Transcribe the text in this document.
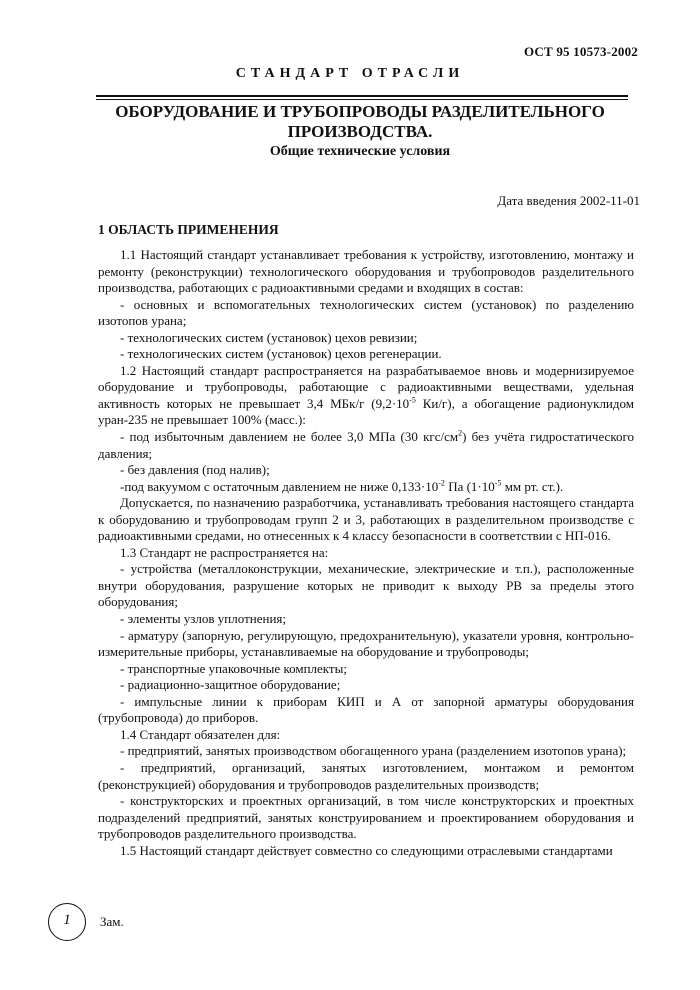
ОСТ 95 10573-2002
СТАНДАРТ ОТРАСЛИ
ОБОРУДОВАНИЕ И ТРУБОПРОВОДЫ РАЗДЕЛИТЕЛЬНОГО ПРОИЗВОДСТВА.
Общие технические условия
Дата введения 2002-11-01
1 ОБЛАСТЬ ПРИМЕНЕНИЯ

1.1 Настоящий стандарт устанавливает требования к устройству, изготовлению, монтажу и ремонту (реконструкции) технологического оборудования и трубопроводов разделительного производства, работающих с радиоактивными средами и входящих в состав:

- основных и вспомогательных технологических систем (установок) по разделению изотопов урана;

- технологических систем (установок) цехов ревизии;

- технологических систем (установок) цехов регенерации.

1.2 Настоящий стандарт распространяется на разрабатываемое вновь и модернизируемое оборудование и трубопроводы, работающие с радиоактивными веществами, удельная активность которых не превышает 3,4 МБк/г ($9,2\cdot 10^{-5}$ Ки/г), а обогащение радионуклидом уран-235 не превышает 100% (масс.):

- под избыточным давлением не более 3,0 МПа (30 кгс/$см^2$) без учёта гидростатического давления;

- без давления (под налив);

-под вакуумом с остаточным давлением не ниже $0,133\cdot 10^{-2}$ Па ($1\cdot 10^{-5}$ мм рт. ст.).

Допускается, по назначению разработчика, устанавливать требования настоящего стандарта к оборудованию и трубопроводам групп 2 и 3, работающих в разделительном производстве с радиоактивными средами, но отнесенных к 4 классу безопасности в соответствии с НП-016.

1.3 Стандарт не распространяется на:

- устройства (металлоконструкции, механические, электрические и т.п.), расположенные внутри оборудования, разрушение которых не приводит к выходу РВ за пределы этого оборудования;

- элементы узлов уплотнения;

- арматуру (запорную, регулирующую, предохранительную), указатели уровня, контрольно-измерительные приборы, устанавливаемые на оборудование и трубопроводы;

- транспортные упаковочные комплекты;

- радиационно-защитное оборудование;

- импульсные линии к приборам КИП и А от запорной арматуры оборудования (трубопровода) до приборов.

1.4 Стандарт обязателен для:

- предприятий, занятых производством обогащенного урана (разделением изотопов урана);

- предприятий, организаций, занятых изготовлением, монтажом и ремонтом (реконструкцией) оборудования и трубопроводов разделительных производств;

- конструкторских и проектных организаций, в том числе конструкторских и проектных подразделений предприятий, занятых конструированием и проектированием оборудования и трубопроводов разделительного производства.

1.5 Настоящий стандарт действует совместно со следующими отраслевыми стандартами

1	Зам.
